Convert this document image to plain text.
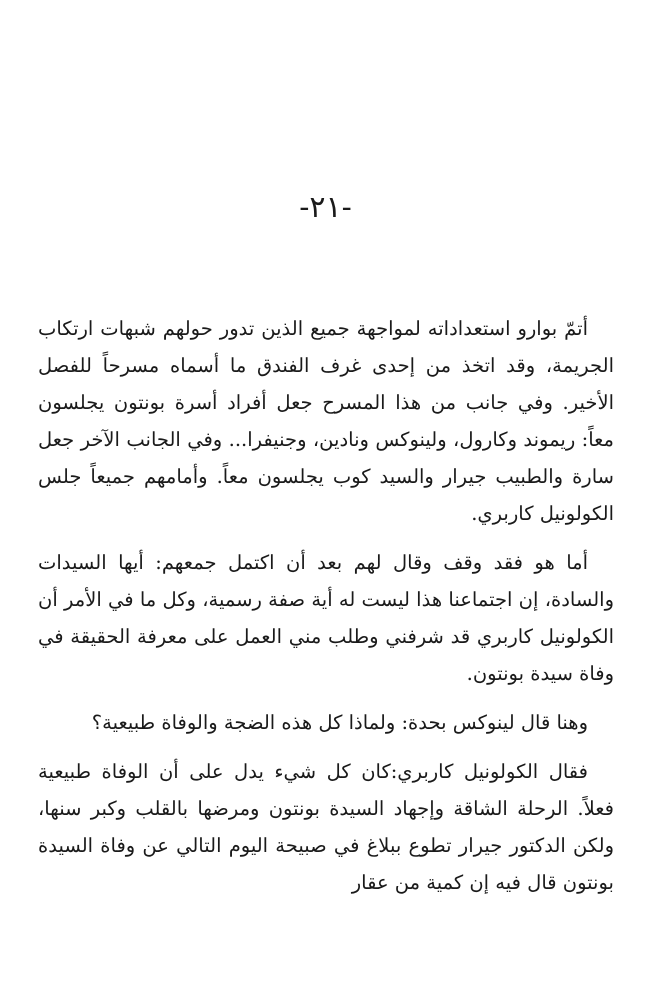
-٢١-

أتمّ بوارو استعداداته لمواجهة جميع الذين تدور حولهم شبهات ارتكاب الجريمة، وقد اتخذ من إحدى غرف الفندق ما أسماه مسرحاً للفصل الأخير. وفي جانب من هذا المسرح جعل أفراد أسرة بونتون يجلسون معاً: ريموند وكارول، ولينوكس ونادين، وجنيفرا... وفي الجانب الآخر جعل سارة والطبيب جيرار والسيد كوب يجلسون معاً. وأمامهم جميعاً جلس الكولونيل كاربري.

أما هو فقد وقف وقال لهم بعد أن اكتمل جمعهم: أيها السيدات والسادة، إن اجتماعنا هذا ليست له أية صفة رسمية، وكل ما في الأمر أن الكولونيل كاربري قد شرفني وطلب مني العمل على معرفة الحقيقة في وفاة سيدة بونتون.

وهنا قال لينوكس بحدة: ولماذا كل هذه الضجة والوفاة طبيعية؟

فقال الكولونيل كاربري:كان كل شيء يدل على أن الوفاة طبيعية فعلاً. الرحلة الشاقة وإجهاد السيدة بونتون ومرضها بالقلب وكبر سنها، ولكن الدكتور جيرار تطوع ببلاغ في صبيحة اليوم التالي عن وفاة السيدة بونتون قال فيه إن كمية من عقار
